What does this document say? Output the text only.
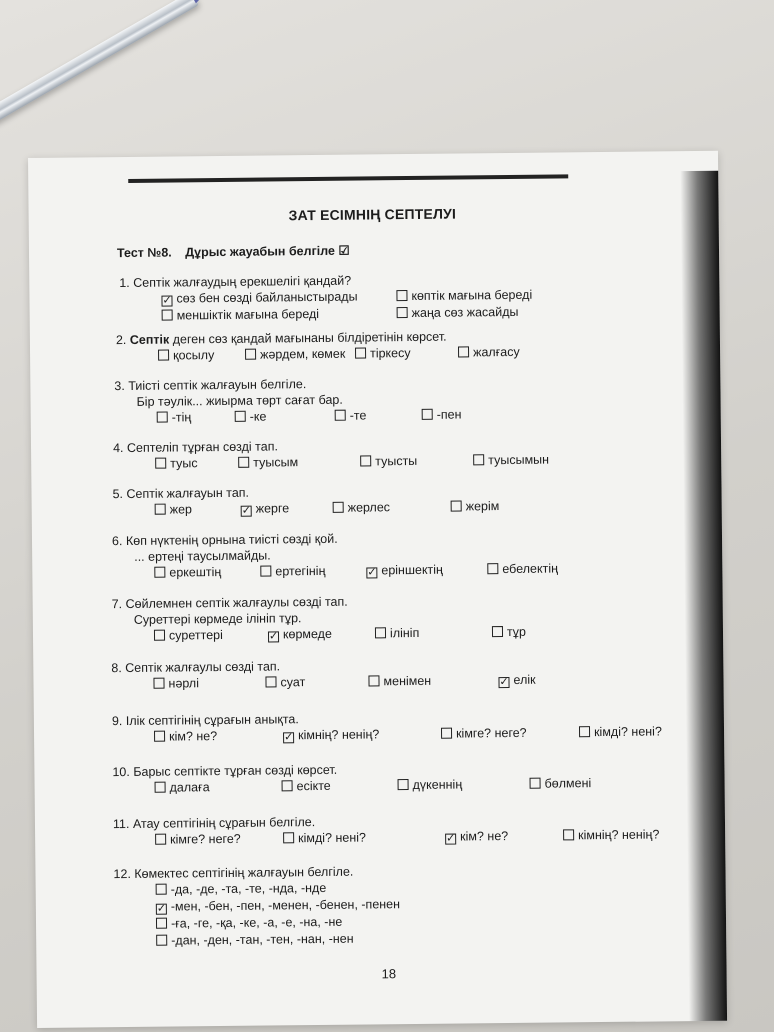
ЗАТ ЕСІМНІҢ СЕПТЕЛУІ
Тест №8. Дұрыс жауабын белгіле ☑
1. Септік жалғаудың ерекшелігі қандай?
✓ сөз бен сөзді байланыстырады	көптік мағына береді
меншіктік мағына береді	жаңа сөз жасайды
2. Септік деген сөз қандай мағынаны білдіретінін көрсет.
қосылу	жәрдем, көмек	тіркесу	жалғасу
3. Тиісті септік жалғауын белгіле.
Бір тәулік... жиырма төрт сағат бар.
-тің	-ке	-те	-пен
4. Септеліп тұрған сөзді тап.
туыс	туысым	туысты	туысымын
5. Септік жалғауын тап.
жер	✓ жерге	жерлес	жерім
6. Көп нүктенің орнына тиісті сөзді қой.
... ертеңі таусылмайды.
еркештің	ертегінің	✓ еріншектің	ебелектің
7. Сөйлемнен септік жалғаулы сөзді тап.
Суреттері көрмеде ілініп тұр.
суреттері	✓ көрмеде	ілініп	тұр
8. Септік жалғаулы сөзді тап.
нәрлі	суат	менімен	✓ елік
9. Ілік септігінің сұрағын анықта.
кім? не?	✓ кімнің? ненің?	кімге? неге?	кімді? нені?
10. Барыс септікте тұрған сөзді көрсет.
далаға	есікте	дүкеннің	бөлмені
11. Атау септігінің сұрағын белгіле.
кімге? неге?	кімді? нені?	✓ кім? не?	кімнің? ненің?
12. Көмектес септігінің жалғауын белгіле.
-да, -де, -та, -те, -нда, -нде
✓ -мен, -бен, -пен, -менен, -бенен, -пенен
-ға, -ге, -қа, -ке, -а, -е, -на, -не
-дан, -ден, -тан, -тен, -нан, -нен
18
